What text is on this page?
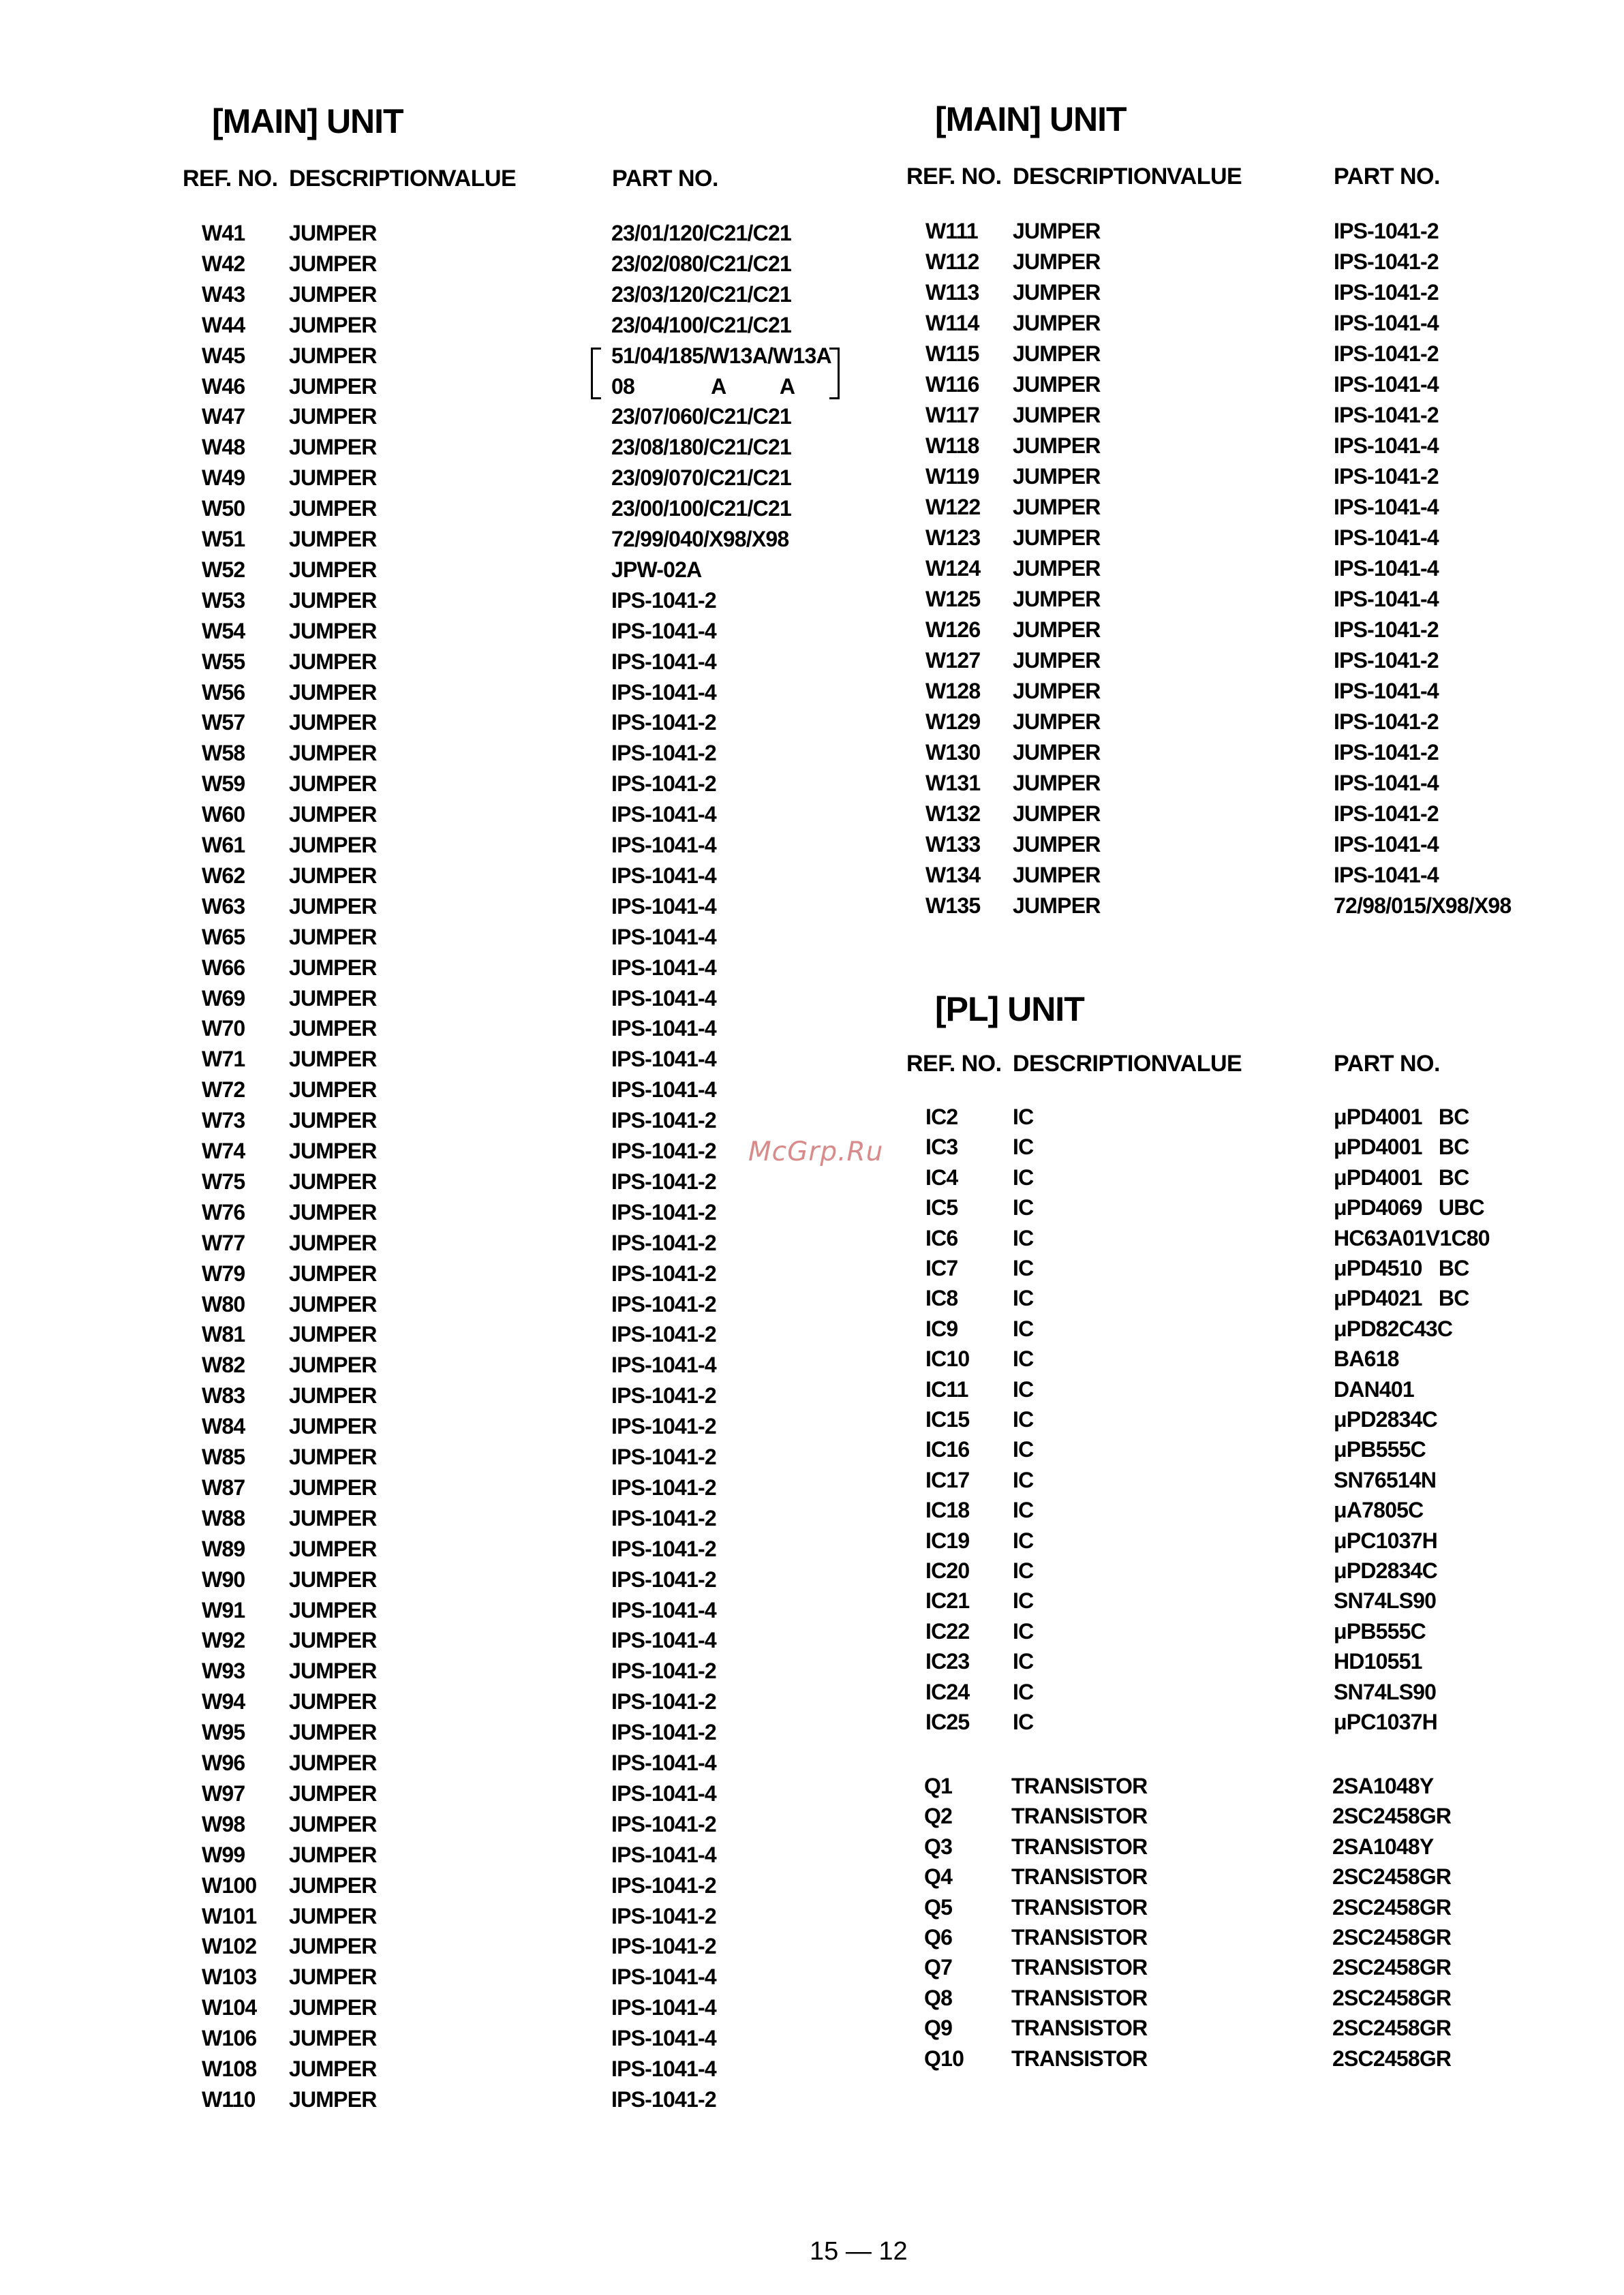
[MAIN] UNIT
REF. NO. DESCRIPTION
VALUE	PART NO.
W41 JUMPER	23/01/120/C21/C21
W42 JUMPER	23/02/080/C21/C21
W43 JUMPER	23/03/120/C21/C21
W44 JUMPER	23/04/100/C21/C21
W45 JUMPER	51/04/185/W13A/W13A
W46 JUMPER	08              A          A
W47 JUMPER	23/07/060/C21/C21
W48 JUMPER	23/08/180/C21/C21
W49 JUMPER	23/09/070/C21/C21
W50 JUMPER	23/00/100/C21/C21
W51 JUMPER	72/99/040/X98/X98
W52 JUMPER	JPW-02A
W53 JUMPER	IPS-1041-2
W54 JUMPER	IPS-1041-4
W55 JUMPER	IPS-1041-4
W56 JUMPER	IPS-1041-4
W57 JUMPER	IPS-1041-2
W58 JUMPER	IPS-1041-2
W59 JUMPER	IPS-1041-2
W60 JUMPER	IPS-1041-4
W61 JUMPER	IPS-1041-4
W62 JUMPER	IPS-1041-4
W63 JUMPER	IPS-1041-4
W65 JUMPER	IPS-1041-4
W66 JUMPER	IPS-1041-4
W69 JUMPER	IPS-1041-4
W70 JUMPER	IPS-1041-4
W71 JUMPER	IPS-1041-4
W72 JUMPER	IPS-1041-4
W73 JUMPER	IPS-1041-2
W74 JUMPER	IPS-1041-2
W75 JUMPER	IPS-1041-2
W76 JUMPER	IPS-1041-2
W77 JUMPER	IPS-1041-2
W79 JUMPER	IPS-1041-2
W80 JUMPER	IPS-1041-2
W81 JUMPER	IPS-1041-2
W82 JUMPER	IPS-1041-4
W83 JUMPER	IPS-1041-2
W84 JUMPER	IPS-1041-2
W85 JUMPER	IPS-1041-2
W87 JUMPER	IPS-1041-2
W88 JUMPER	IPS-1041-2
W89 JUMPER	IPS-1041-2
W90 JUMPER	IPS-1041-2
W91 JUMPER	IPS-1041-4
W92 JUMPER	IPS-1041-4
W93 JUMPER	IPS-1041-2
W94 JUMPER	IPS-1041-2
W95 JUMPER	IPS-1041-2
W96 JUMPER	IPS-1041-4
W97 JUMPER	IPS-1041-4
W98 JUMPER	IPS-1041-2
W99 JUMPER	IPS-1041-4
W100 JUMPER	IPS-1041-2
W101 JUMPER	IPS-1041-2
W102 JUMPER	IPS-1041-2
W103 JUMPER	IPS-1041-4
W104 JUMPER	IPS-1041-4
W106 JUMPER	IPS-1041-4
W108 JUMPER	IPS-1041-4
W110 JUMPER	IPS-1041-2
[MAIN] UNIT
REF. NO. DESCRIPTION VALUE	PART NO.
W111 JUMPER	IPS-1041-2
W112 JUMPER	IPS-1041-2
W113 JUMPER	IPS-1041-2
W114 JUMPER	IPS-1041-4
W115 JUMPER	IPS-1041-2
W116 JUMPER	IPS-1041-4
W117 JUMPER	IPS-1041-2
W118 JUMPER	IPS-1041-4
W119 JUMPER	IPS-1041-2
W122 JUMPER	IPS-1041-4
W123 JUMPER	IPS-1041-4
W124 JUMPER	IPS-1041-4
W125 JUMPER	IPS-1041-4
W126 JUMPER	IPS-1041-2
W127 JUMPER	IPS-1041-2
W128 JUMPER	IPS-1041-4
W129 JUMPER	IPS-1041-2
W130 JUMPER	IPS-1041-2
W131 JUMPER	IPS-1041-4
W132 JUMPER	IPS-1041-2
W133 JUMPER	IPS-1041-4
W134 JUMPER	IPS-1041-4
W135 JUMPER	72/98/015/X98/X98
[PL] UNIT
REF. NO. DESCRIPTION VALUE	PART NO.
IC2	IC	μPD4001   BC
IC3	IC	μPD4001   BC
IC4	IC	μPD4001   BC
IC5	IC	μPD4069   UBC
IC6	IC	HC63A01V1C80
IC7	IC	μPD4510   BC
IC8	IC	μPD4021   BC
IC9	IC	μPD82C43C
IC10 IC	BA618
IC11 IC	DAN401
IC15 IC	μPD2834C
IC16 IC	μPB555C
IC17 IC	SN76514N
IC18 IC	μA7805C
IC19 IC	μPC1037H
IC20 IC	μPD2834C
IC21 IC	SN74LS90
IC22 IC	μPB555C
IC23 IC	HD10551
IC24 IC	SN74LS90
IC25 IC	μPC1037H
Q1	TRANSISTOR	2SA1048Y
Q2	TRANSISTOR	2SC2458GR
Q3	TRANSISTOR	2SA1048Y
Q4	TRANSISTOR	2SC2458GR
Q5	TRANSISTOR	2SC2458GR
Q6	TRANSISTOR	2SC2458GR
Q7	TRANSISTOR	2SC2458GR
Q8	TRANSISTOR	2SC2458GR
Q9	TRANSISTOR	2SC2458GR
Q10 TRANSISTOR	2SC2458GR
McGrp.Ru
15 — 12
